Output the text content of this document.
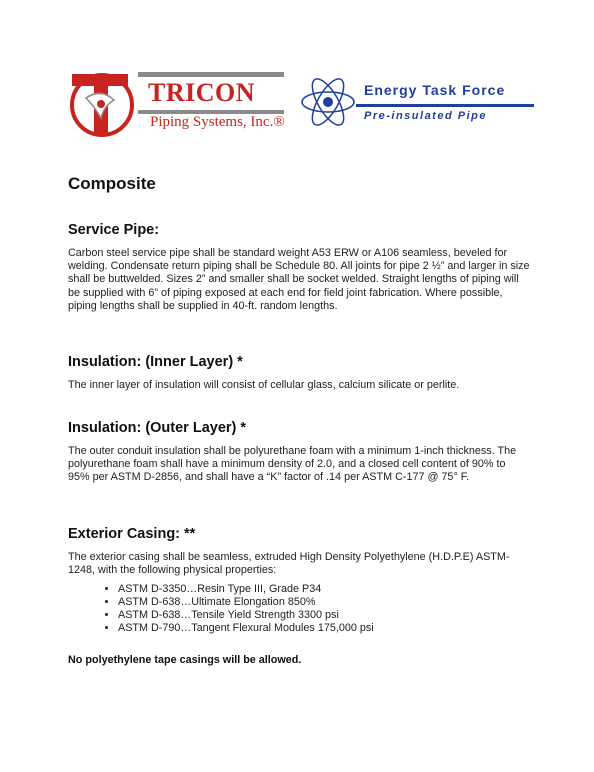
TRICON
Piping Systems, Inc.®
Energy Task Force
Pre-insulated Pipe
Composite
Service Pipe:

Carbon steel service pipe shall be standard weight A53 ERW or A106 seamless, beveled for welding. Condensate return piping shall be Schedule 80. All joints for pipe 2 ½” and larger in size shall be buttwelded. Sizes 2” and smaller shall be socket welded. Straight lengths of piping will be supplied with 6” of piping exposed at each end for field joint fabrication. Where possible, piping lengths shall be supplied in 40-ft. random lengths.

Insulation: (Inner Layer) *

The inner layer of insulation will consist of cellular glass, calcium silicate or perlite.

Insulation: (Outer Layer) *

The outer conduit insulation shall be polyurethane foam with a minimum 1-inch thickness. The polyurethane foam shall have a minimum density of 2.0, and a closed cell content of 90% to 95% per ASTM D-2856, and shall have a “K” factor of .14 per ASTM C-177 @ 75° F.

Exterior Casing: **

The exterior casing shall be seamless, extruded High Density Polyethylene (H.D.P.E) ASTM-1248, with the following physical properties:

• ASTM D-3350…Resin Type III, Grade P34
• ASTM D-638…Ultimate Elongation 850%
• ASTM D-638…Tensile Yield Strength 3300 psi
• ASTM D-790…Tangent Flexural Modules 175,000 psi
No polyethylene tape casings will be allowed.
